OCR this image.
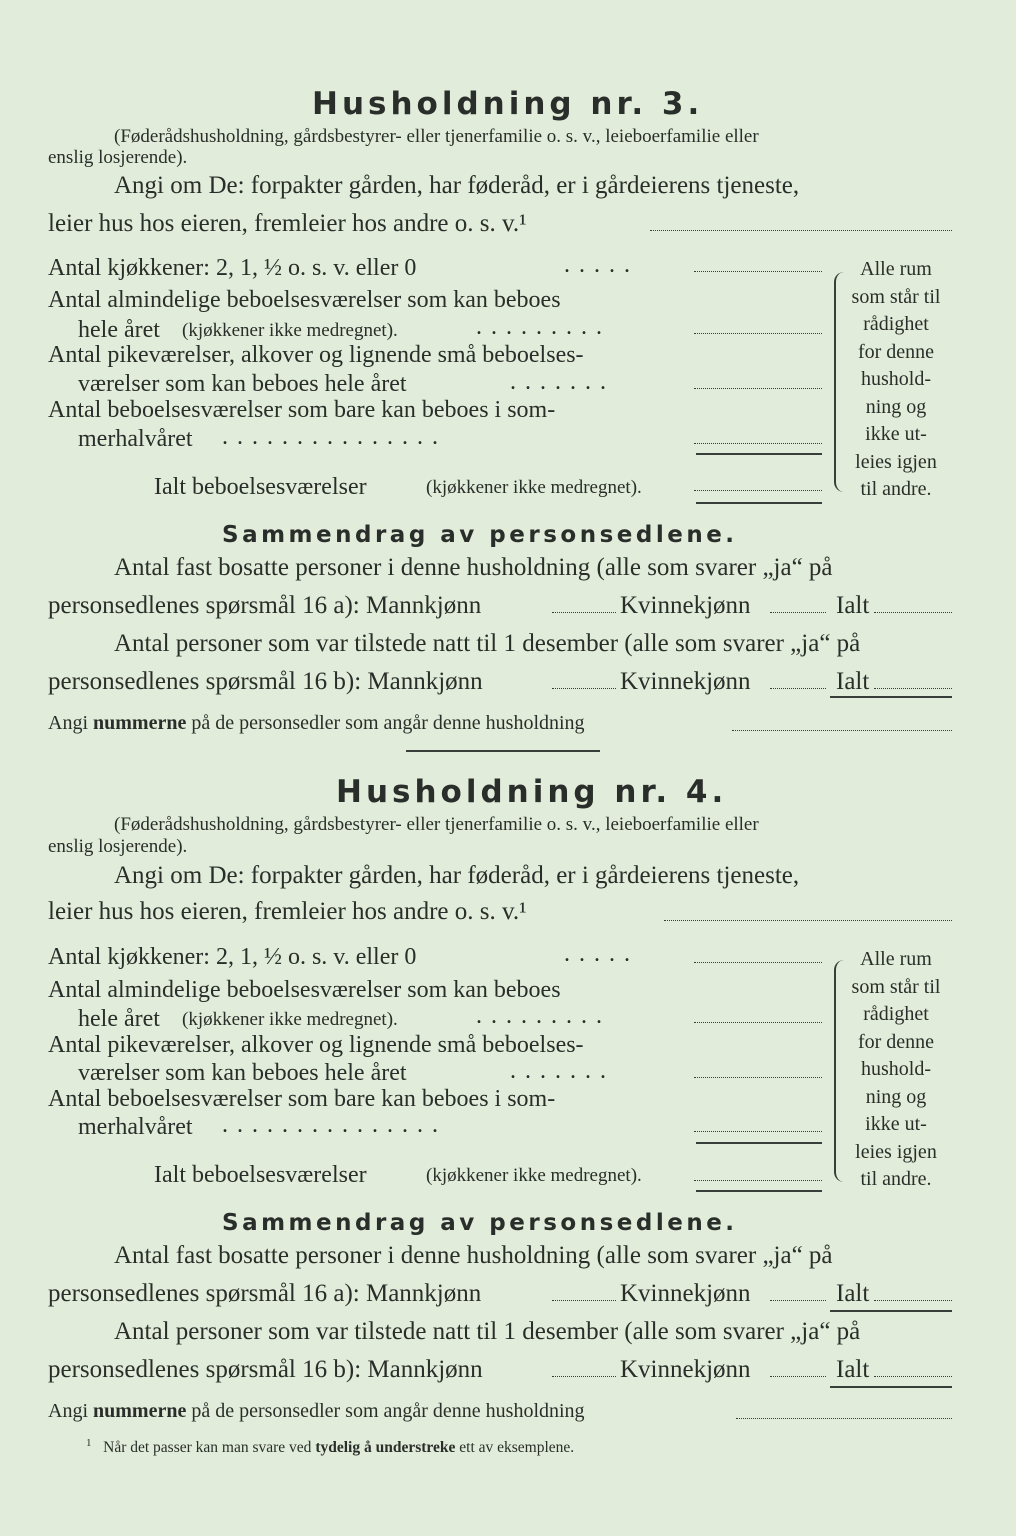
Husholdning nr. 3.
(Føderådshusholdning, gårdsbestyrer- eller tjenerfamilie o. s. v., leieboerfamilie eller
enslig losjerende).
Angi om De: forpakter gården, har føderåd, er i gårdeierens tjeneste,
leier hus hos eieren, fremleier hos andre o. s. v.¹
Antal kjøkkener: 2, 1, ½ o. s. v. eller 0	.....
Antal almindelige beboelsesværelser som kan beboes
hele året (kjøkkener ikke medregnet).	.........
Antal pikeværelser, alkover og lignende små beboelses-
værelser som kan beboes hele året	.......
Antal beboelsesværelser som bare kan beboes i som-
merhalvåret ...............
Ialt beboelsesværelser	(kjøkkener ikke medregnet).
Alle rum
som står til
rådighet
for denne
hushold-
ning og
ikke ut-
leies igjen
til andre.
Sammendrag av personsedlene.
Antal fast bosatte personer i denne husholdning (alle som svarer „ja“ på
personsedlenes spørsmål 16 a): Mannkjønn	Kvinnekjønn	Ialt
Antal personer som var tilstede natt til 1 desember (alle som svarer „ja“ på
personsedlenes spørsmål 16 b): Mannkjønn	Kvinnekjønn	Ialt
Angi nummerne på de personsedler som angår denne husholdning
Husholdning nr. 4.
(Føderådshusholdning, gårdsbestyrer- eller tjenerfamilie o. s. v., leieboerfamilie eller
enslig losjerende).
Angi om De: forpakter gården, har føderåd, er i gårdeierens tjeneste,
leier hus hos eieren, fremleier hos andre o. s. v.¹
Antal kjøkkener: 2, 1, ½ o. s. v. eller 0	.....
Antal almindelige beboelsesværelser som kan beboes
hele året (kjøkkener ikke medregnet).	.........
Antal pikeværelser, alkover og lignende små beboelses-
værelser som kan beboes hele året	.......
Antal beboelsesværelser som bare kan beboes i som-
merhalvåret ...............
Ialt beboelsesværelser	(kjøkkener ikke medregnet).
Alle rum
som står til
rådighet
for denne
hushold-
ning og
ikke ut-
leies igjen
til andre.
Sammendrag av personsedlene.
Antal fast bosatte personer i denne husholdning (alle som svarer „ja“ på
personsedlenes spørsmål 16 a): Mannkjønn	Kvinnekjønn	Ialt
Antal personer som var tilstede natt til 1 desember (alle som svarer „ja“ på
personsedlenes spørsmål 16 b): Mannkjønn	Kvinnekjønn	Ialt
Angi nummerne på de personsedler som angår denne husholdning
$^1$ Når det passer kan man svare ved tydelig å understreke ett av eksemplene.
